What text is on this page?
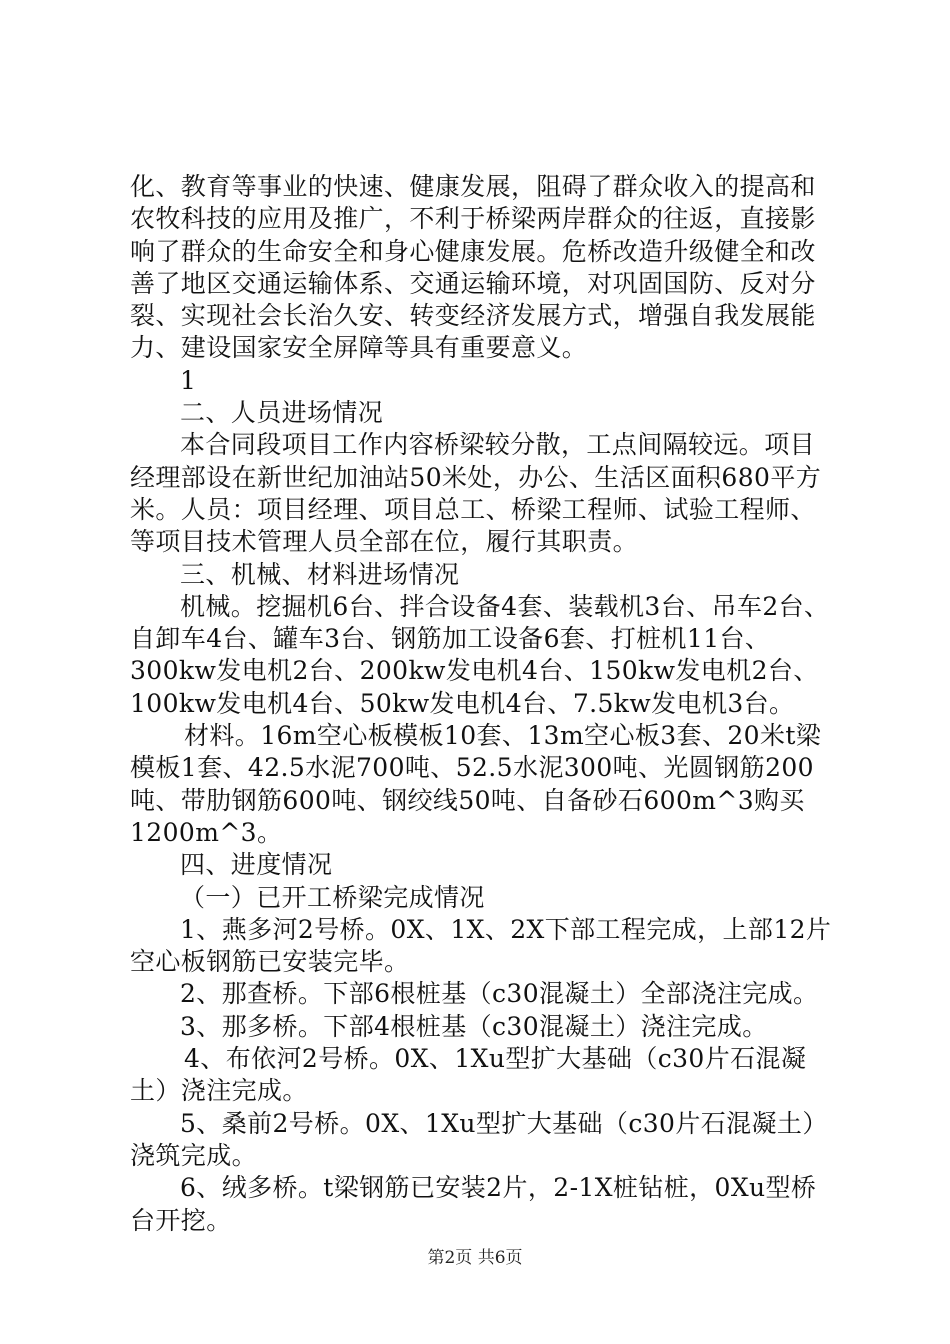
化、教育等事业的快速、健康发展，阻碍了群众收入的提高和
农牧科技的应用及推广，不利于桥梁两岸群众的往返，直接影
响了群众的生命安全和身心健康发展。危桥改造升级健全和改
善了地区交通运输体系、交通运输环境，对巩固国防、反对分
裂、实现社会长治久安、转变经济发展方式，增强自我发展能
力、建设国家安全屏障等具有重要意义。
1
二、人员进场情况
本合同段项目工作内容桥梁较分散，工点间隔较远。项目
经理部设在新世纪加油站50米处，办公、生活区面积680平方
米。人员：项目经理、项目总工、桥梁工程师、试验工程师、
等项目技术管理人员全部在位，履行其职责。
三、机械、材料进场情况
机械。挖掘机6台、拌合设备4套、装载机3台、吊车2台、
自卸车4台、罐车3台、钢筋加工设备6套、打桩机11台、
300kw发电机2台、200kw发电机4台、150kw发电机2台、
100kw发电机4台、50kw发电机4台、7.5kw发电机3台。
材料。16m空心板模板10套、13m空心板3套、20米t梁
模板1套、42.5水泥700吨、52.5水泥300吨、光圆钢筋200
吨、带肋钢筋600吨、钢绞线50吨、自备砂石600m^3购买
1200m^3。
四、进度情况
（一）已开工桥梁完成情况
1、燕多河2号桥。0X、1X、2X下部工程完成，上部12片
空心板钢筋已安装完毕。
2、那查桥。下部6根桩基（c30混凝土）全部浇注完成。
3、那多桥。下部4根桩基（c30混凝土）浇注完成。
4、布依河2号桥。0X、1Xu型扩大基础（c30片石混凝
土）浇注完成。
5、桑前2号桥。0X、1Xu型扩大基础（c30片石混凝土）
浇筑完成。
6、绒多桥。t梁钢筋已安装2片，2-1X桩钻桩，0Xu型桥
台开挖。
第2页 共6页
